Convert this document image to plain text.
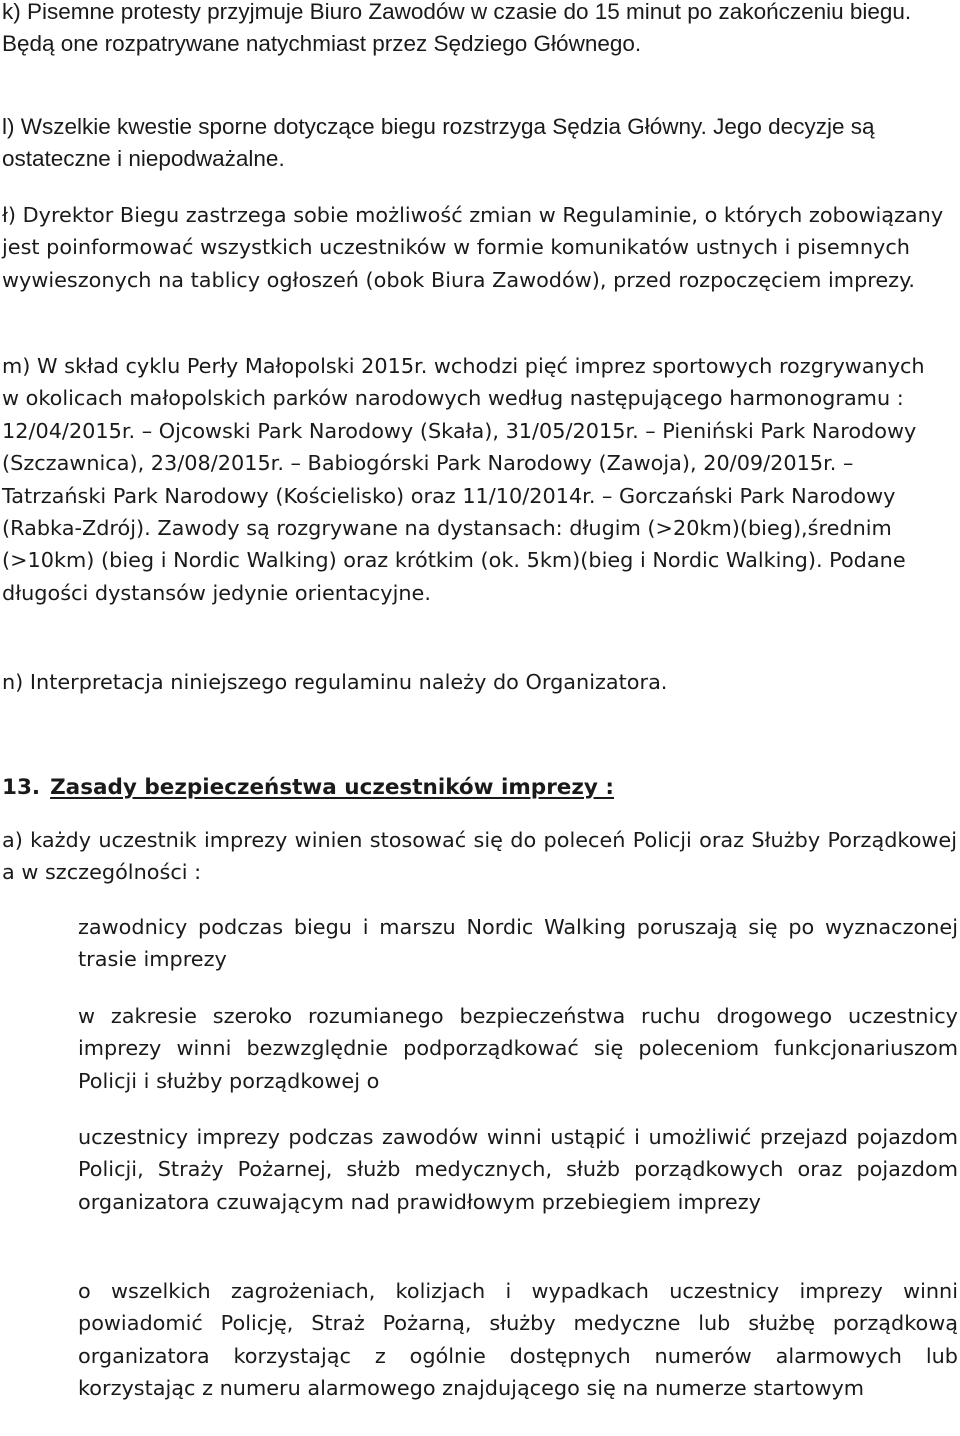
k) Pisemne protesty przyjmuje Biuro Zawodów w czasie do 15 minut po zakończeniu biegu. Będą one rozpatrywane natychmiast przez Sędziego Głównego.

l) Wszelkie kwestie sporne dotyczące biegu rozstrzyga Sędzia Główny. Jego decyzje są ostateczne i niepodważalne.

ł) Dyrektor Biegu zastrzega sobie możliwość zmian w Regulaminie, o których zobowiązany jest poinformować wszystkich uczestników w formie komunikatów ustnych i pisemnych wywieszonych na tablicy ogłoszeń (obok Biura Zawodów), przed rozpoczęciem imprezy.

m) W skład cyklu Perły Małopolski 2015r. wchodzi pięć imprez sportowych rozgrywanych w okolicach małopolskich parków narodowych według następującego harmonogramu : 12/04/2015r. – Ojcowski Park Narodowy (Skała), 31/05/2015r. – Pieniński Park Narodowy (Szczawnica), 23/08/2015r. – Babiogórski Park Narodowy (Zawoja), 20/09/2015r. – Tatrzański Park Narodowy (Kościelisko) oraz 11/10/2014r. – Gorczański Park Narodowy (Rabka-Zdrój). Zawody są rozgrywane na dystansach: długim (>20km)(bieg),średnim (>10km) (bieg i Nordic Walking) oraz krótkim (ok. 5km)(bieg i Nordic Walking). Podane długości dystansów jedynie orientacyjne.

n) Interpretacja niniejszego regulaminu należy do Organizatora.

13. Zasady bezpieczeństwa uczestników imprezy :

a) każdy uczestnik imprezy winien stosować się do poleceń Policji oraz Służby Porządkowej a w szczególności :

zawodnicy podczas biegu i marszu Nordic Walking poruszają się po wyznaczonej trasie imprezy

w zakresie szeroko rozumianego bezpieczeństwa ruchu drogowego uczestnicy imprezy winni bezwzględnie podporządkować się poleceniom funkcjonariuszom Policji i służby porządkowej o

uczestnicy imprezy podczas zawodów winni ustąpić i umożliwić przejazd pojazdom Policji, Straży Pożarnej, służb medycznych, służb porządkowych oraz pojazdom organizatora czuwającym nad prawidłowym przebiegiem imprezy

o wszelkich zagrożeniach, kolizjach i wypadkach uczestnicy imprezy winni powiadomić Policję, Straż Pożarną, służby medyczne lub służbę porządkową organizatora korzystając z ogólnie dostępnych numerów alarmowych lub korzystając z numeru alarmowego znajdującego się na numerze startowym
